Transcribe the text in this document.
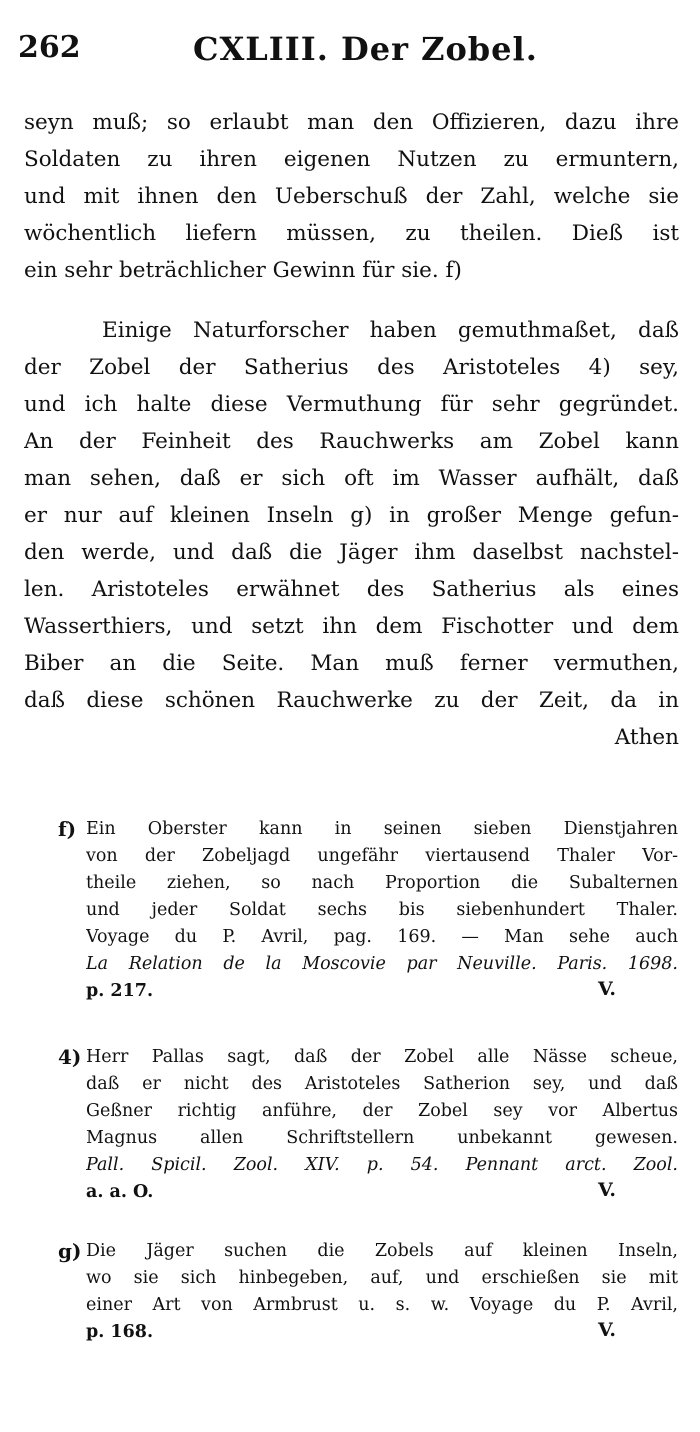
262	CXLIII. Der Zobel.
seyn muß; so erlaubt man den Offizieren, dazu ihre
Soldaten zu ihren eigenen Nutzen zu ermuntern,
und mit ihnen den Ueberschuß der Zahl, welche sie
wöchentlich liefern müssen, zu theilen. Dieß ist
ein sehr beträchlicher Gewinn für sie. f)
Einige Naturforscher haben gemuthmaßet, daß
der Zobel der Satherius des Aristoteles 4) sey,
und ich halte diese Vermuthung für sehr gegründet.
An der Feinheit des Rauchwerks am Zobel kann
man sehen, daß er sich oft im Wasser aufhält, daß
er nur auf kleinen Inseln g) in großer Menge gefun-
den werde, und daß die Jäger ihm daselbst nachstel-
len. Aristoteles erwähnet des Satherius als eines
Wasserthiers, und setzt ihn dem Fischotter und dem
Biber an die Seite. Man muß ferner vermuthen,
daß diese schönen Rauchwerke zu der Zeit, da in
Athen
f) Ein Oberster kann in seinen sieben Dienstjahren
von der Zobeljagd ungefähr viertausend Thaler Vor-
theile ziehen, so nach Proportion die Subalternen
und jeder Soldat sechs bis siebenhundert Thaler.
Voyage du P. Avril, pag. 169. — Man sehe auch
La Relation de la Moscovie par Neuville. Paris. 1698.
p. 217.	V.
4) Herr Pallas sagt, daß der Zobel alle Nässe scheue,
daß er nicht des Aristoteles Satherion sey, und daß
Geßner richtig anführe, der Zobel sey vor Albertus
Magnus allen Schriftstellern unbekannt gewesen.
Pall. Spicil. Zool. XIV. p. 54. Pennant arct. Zool.
a. a. O.	V.
g) Die Jäger suchen die Zobels auf kleinen Inseln,
wo sie sich hinbegeben, auf, und erschießen sie mit
einer Art von Armbrust u. s. w. Voyage du P. Avril,
p. 168.	V.
